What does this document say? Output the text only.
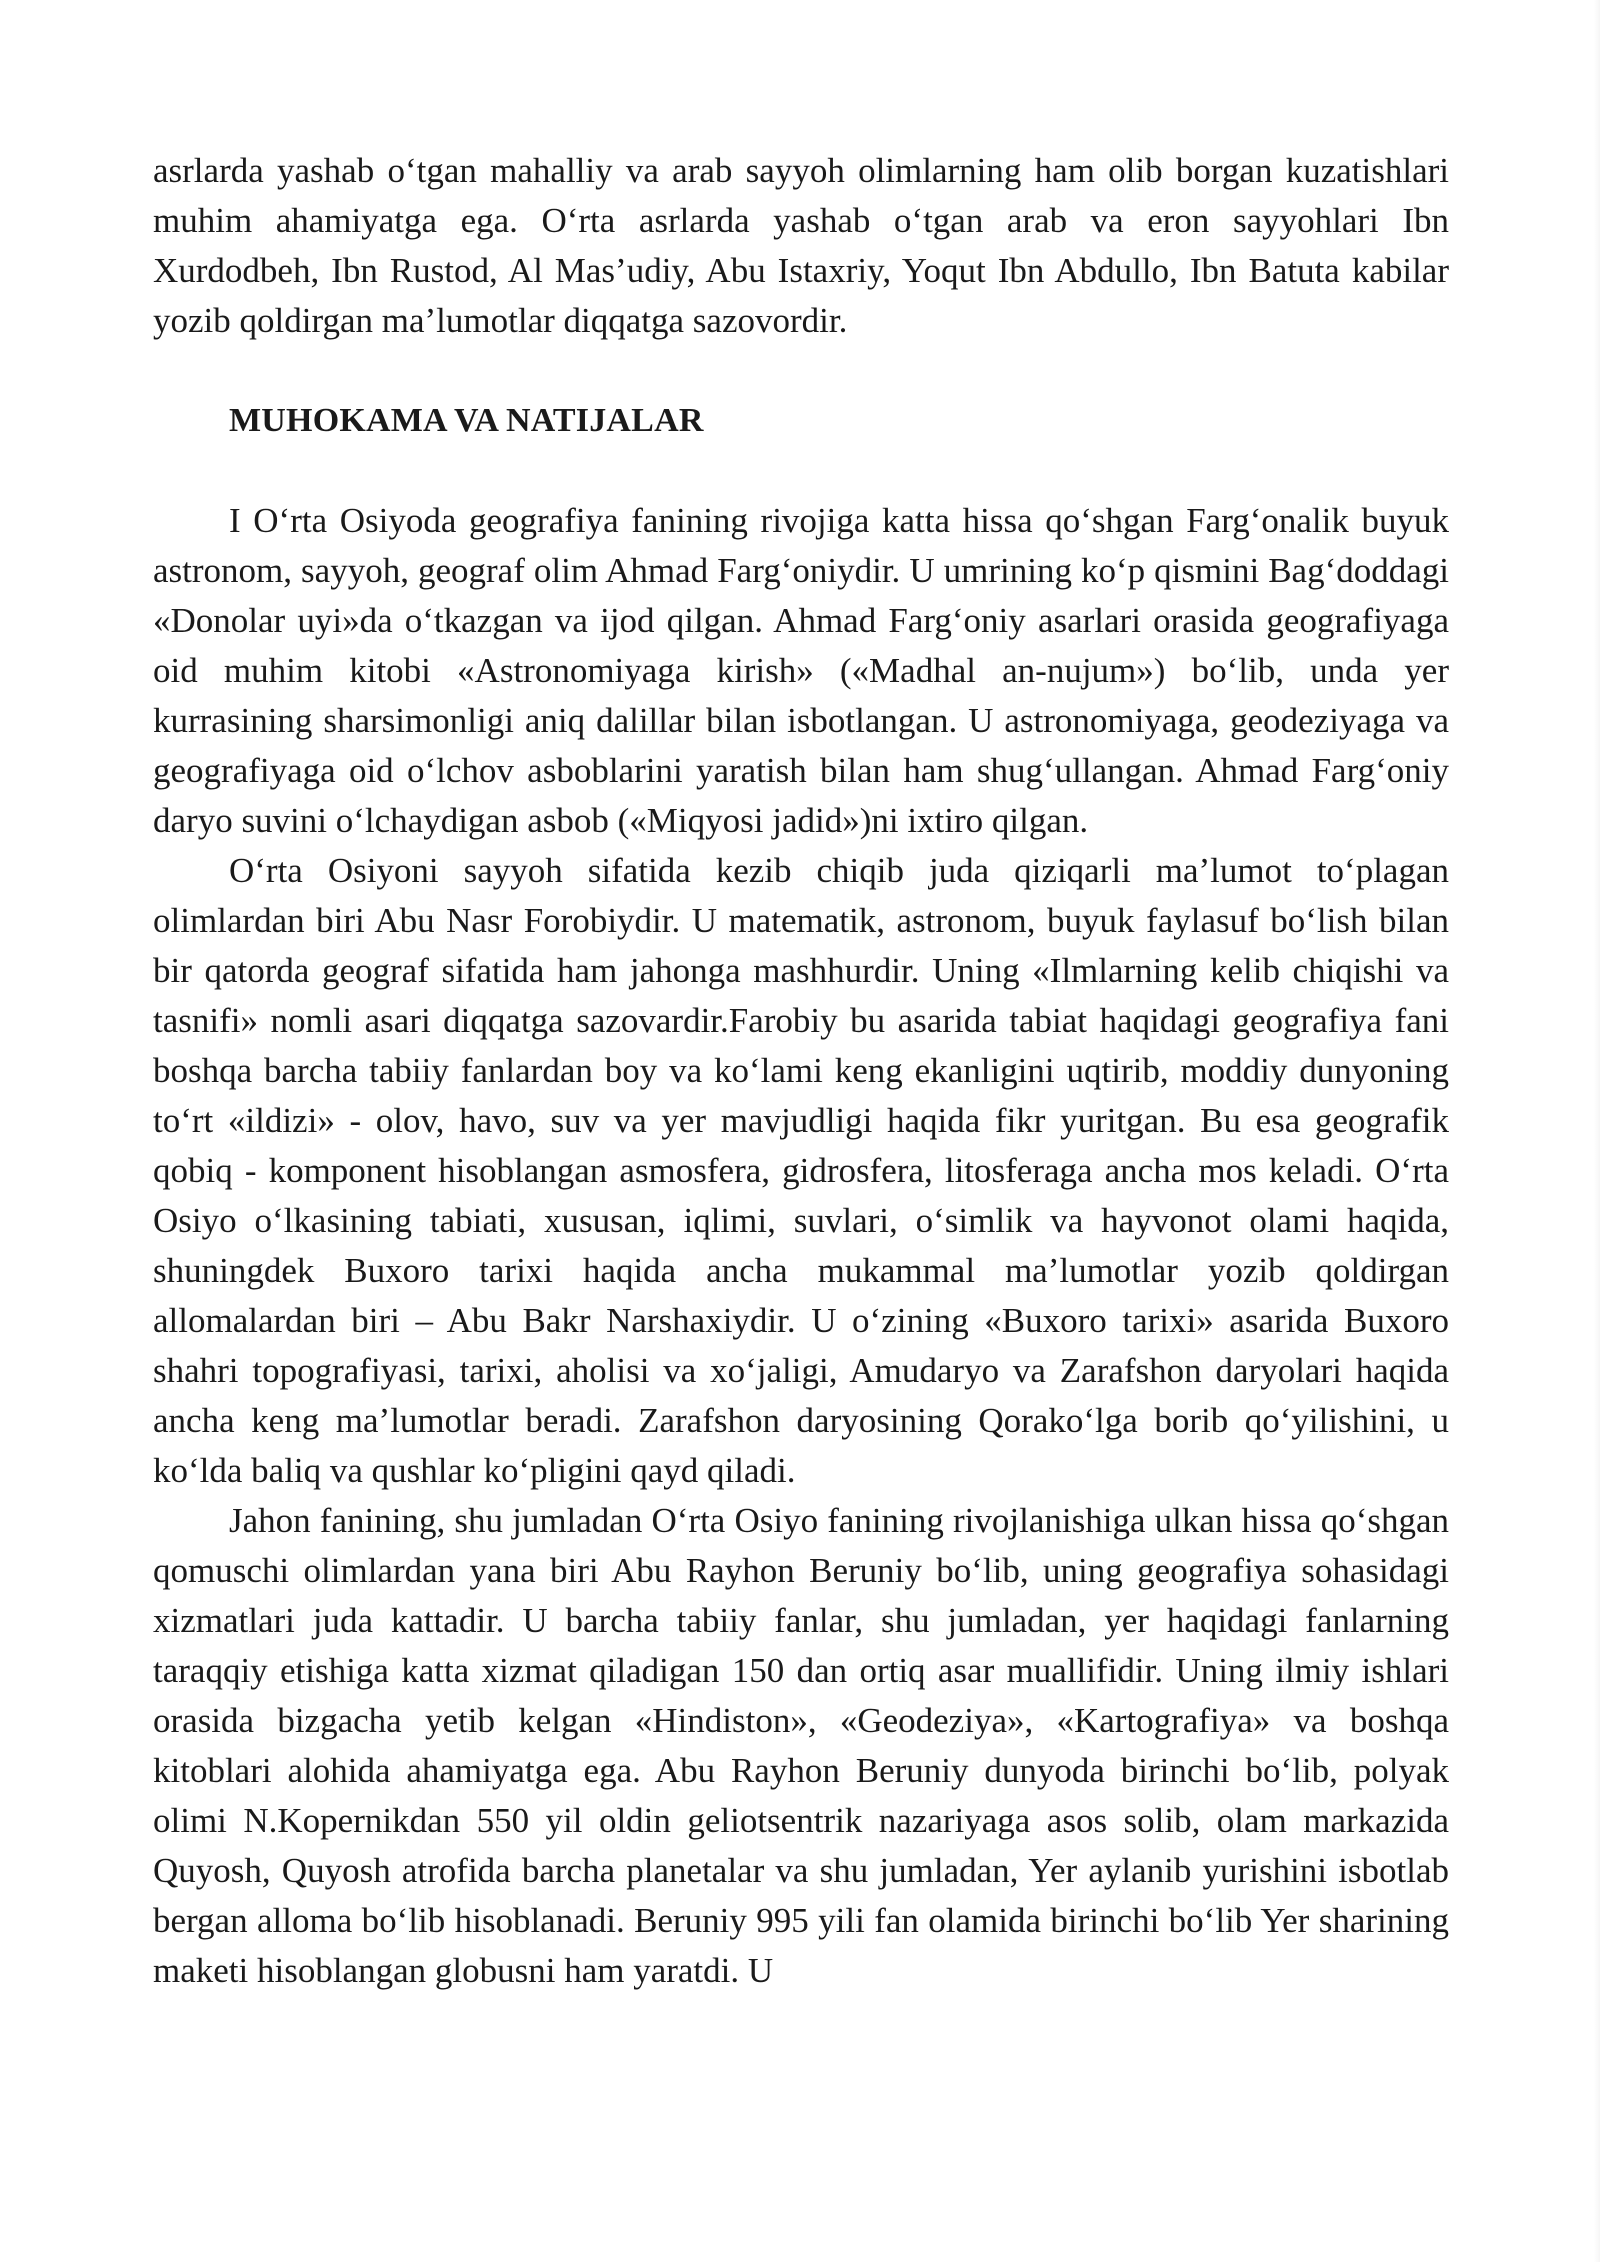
asrlarda yashab o‘tgan mahalliy va arab sayyoh olimlarning ham olib borgan kuzatishlari muhim ahamiyatga ega. O‘rta asrlarda yashab o‘tgan arab va eron sayyohlari Ibn Xurdodbeh, Ibn Rustod, Al Mas’udiy, Abu Istaxriy, Yoqut Ibn Abdullo, Ibn Batuta kabilar yozib qoldirgan ma’lumotlar diqqatga sazovordir.

MUHOKAMA VA NATIJALAR

I O‘rta Osiyoda geografiya fanining rivojiga katta hissa qo‘shgan Farg‘onalik buyuk astronom, sayyoh, geograf olim Ahmad Farg‘oniydir. U umrining ko‘p qismini Bag‘doddagi «Donolar uyi»da o‘tkazgan va ijod qilgan. Ahmad Farg‘oniy asarlari orasida geografiyaga oid muhim kitobi «Astronomiyaga kirish» («Madhal an-nujum») bo‘lib, unda yer kurrasining sharsimonligi aniq dalillar bilan isbotlangan. U astronomiyaga, geodeziyaga va geografiyaga oid o‘lchov asboblarini yaratish bilan ham shug‘ullangan. Ahmad Farg‘oniy daryo suvini o‘lchaydigan asbob («Miqyosi jadid»)ni ixtiro qilgan.

O‘rta Osiyoni sayyoh sifatida kezib chiqib juda qiziqarli ma’lumot to‘plagan olimlardan biri Abu Nasr Forobiydir. U matematik, astronom, buyuk faylasuf bo‘lish bilan bir qatorda geograf sifatida ham jahonga mashhurdir. Uning «Ilmlarning kelib chiqishi va tasnifi» nomli asari diqqatga sazovardir.Farobiy bu asarida tabiat haqidagi geografiya fani boshqa barcha tabiiy fanlardan boy va ko‘lami keng ekanligini uqtirib, moddiy dunyoning to‘rt «ildizi» - olov, havo, suv va yer mavjudligi haqida fikr yuritgan. Bu esa geografik qobiq - komponent hisoblangan asmosfera, gidrosfera, litosferaga ancha mos keladi. O‘rta Osiyo o‘lkasining tabiati, xususan, iqlimi, suvlari, o‘simlik va hayvonot olami haqida, shuningdek Buxoro tarixi haqida ancha mukammal ma’lumotlar yozib qoldirgan allomalardan biri – Abu Bakr Narshaxiydir. U o‘zining «Buxoro tarixi» asarida Buxoro shahri topografiyasi, tarixi, aholisi va xo‘jaligi, Amudaryo va Zarafshon daryolari haqida ancha keng ma’lumotlar beradi. Zarafshon daryosining Qorako‘lga borib qo‘yilishini, u ko‘lda baliq va qushlar ko‘pligini qayd qiladi.

Jahon fanining, shu jumladan O‘rta Osiyo fanining rivojlanishiga ulkan hissa qo‘shgan qomuschi olimlardan yana biri Abu Rayhon Beruniy bo‘lib, uning geografiya sohasidagi xizmatlari juda kattadir. U barcha tabiiy fanlar, shu jumladan, yer haqidagi fanlarning taraqqiy etishiga katta xizmat qiladigan 150 dan ortiq asar muallifidir. Uning ilmiy ishlari orasida bizgacha yetib kelgan «Hindiston», «Geodeziya», «Kartografiya» va boshqa kitoblari alohida ahamiyatga ega. Abu Rayhon Beruniy dunyoda birinchi bo‘lib, polyak olimi N.Kopernikdan 550 yil oldin geliotsentrik nazariyaga asos solib, olam markazida Quyosh, Quyosh atrofida barcha planetalar va shu jumladan, Yer aylanib yurishini isbotlab bergan alloma bo‘lib hisoblanadi. Beruniy 995 yili fan olamida birinchi bo‘lib Yer sharining maketi hisoblangan globusni ham yaratdi. U
